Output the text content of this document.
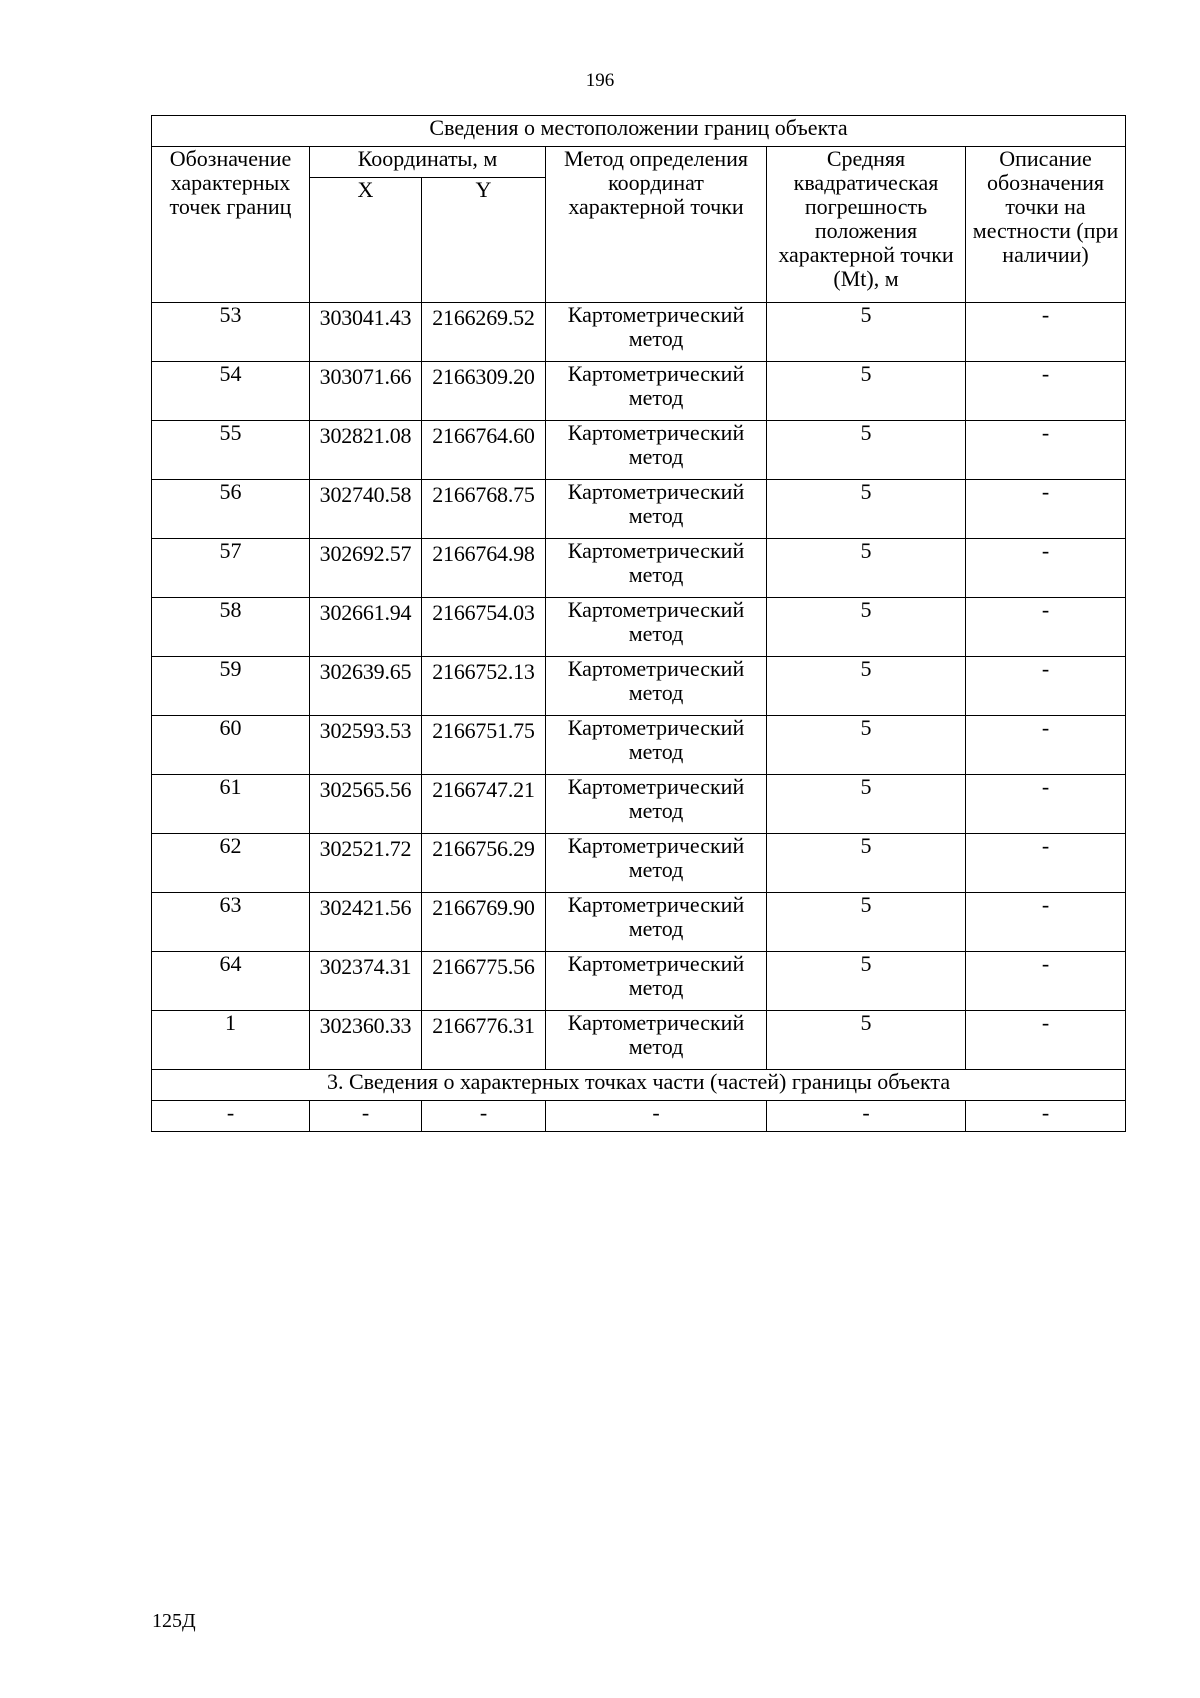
196
Сведения о местоположении границ объекта					
Обозначение характерных точек границ	Координаты, м		Метод определения координат характерной точки	Средняя квадратическая погрешность положения характерной точки (Mt), м	Описание обозначения точки на местности (при наличии)
	X	Y			
53	303041.43	2166269.52	Картометрический метод	5	-
54	303071.66	2166309.20	Картометрический метод	5	-
55	302821.08	2166764.60	Картометрический метод	5	-
56	302740.58	2166768.75	Картометрический метод	5	-
57	302692.57	2166764.98	Картометрический метод	5	-
58	302661.94	2166754.03	Картометрический метод	5	-
59	302639.65	2166752.13	Картометрический метод	5	-
60	302593.53	2166751.75	Картометрический метод	5	-
61	302565.56	2166747.21	Картометрический метод	5	-
62	302521.72	2166756.29	Картометрический метод	5	-
63	302421.56	2166769.90	Картометрический метод	5	-
64	302374.31	2166775.56	Картометрический метод	5	-
1	302360.33	2166776.31	Картометрический метод	5	-
3. Сведения о характерных точках части (частей) границы объекта					
-	-	-	-	-	-
125Д
